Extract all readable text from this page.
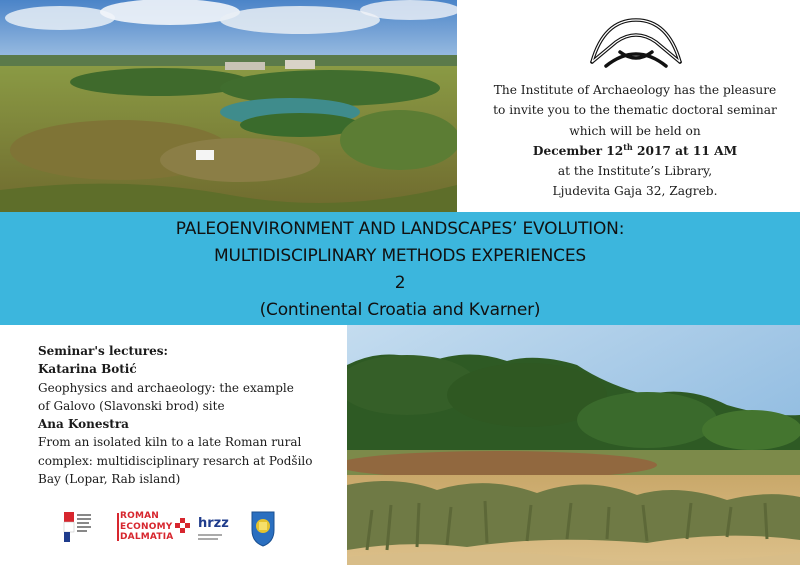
The Institute of Archaeology has the pleasure
to invite you to the thematic doctoral seminar
which will be held on
December 12th 2017 at 11 AM
at the Institute’s Library,
Ljudevita Gaja 32, Zagreb.
PALEOENVIRONMENT AND LANDSCAPES’ EVOLUTION:
MULTIDISCIPLINARY METHODS EXPERIENCES
2
(Continental Croatia and Kvarner)
Seminar's lectures:
Katarina Botić
Geophysics and archaeology: the example
of Galovo (Slavonski brod) site
Ana Konestra
From an isolated kiln to a late Roman rural
complex: multidisciplinary resarch at Podšilo
Bay (Lopar, Rab island)
ROMAN
ECONOMY
DALMATIA
hrzz
